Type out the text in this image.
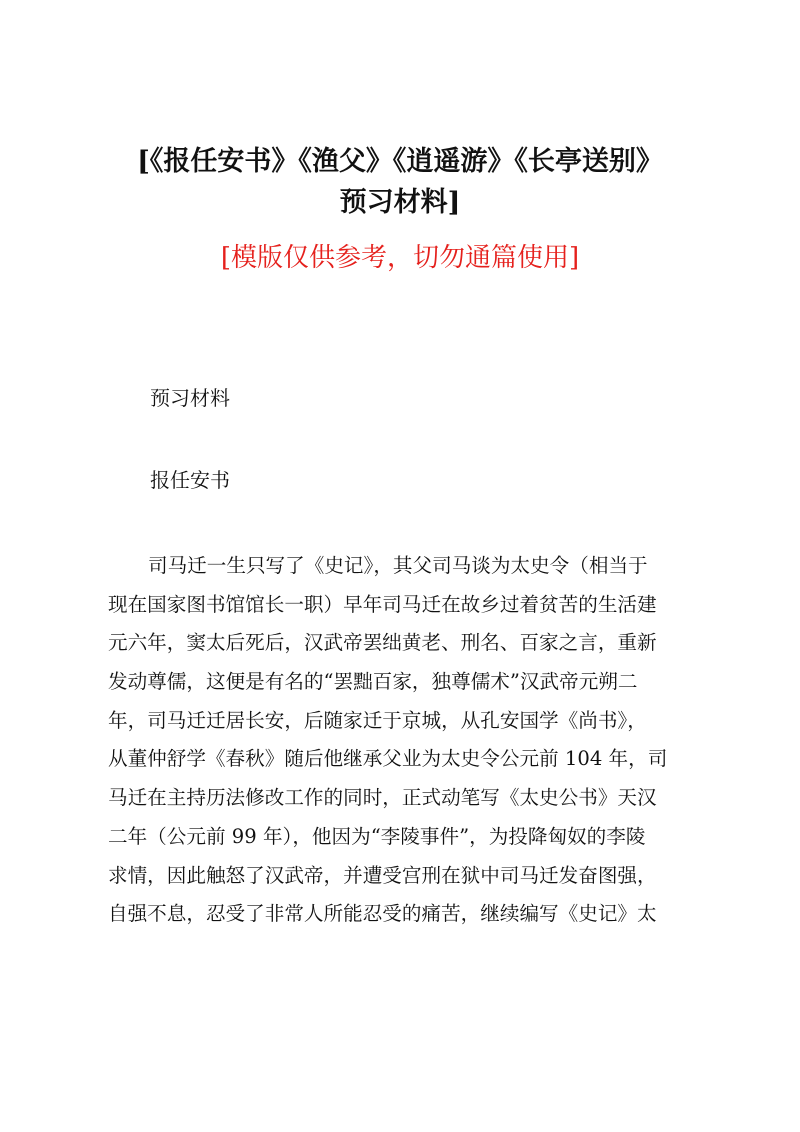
[《报任安书》《渔父》《逍遥游》《长亭送别》
预习材料]
[模版仅供参考，切勿通篇使用]
预习材料
报任安书
司马迁一生只写了《史记》，其父司马谈为太史令（相当于
现在国家图书馆馆长一职）早年司马迁在故乡过着贫苦的生活建
元六年，窦太后死后，汉武帝罢绌黄老、刑名、百家之言，重新
发动尊儒，这便是有名的“罢黜百家，独尊儒术”汉武帝元朔二
年，司马迁迁居长安，后随家迁于京城，从孔安国学《尚书》，
从董仲舒学《春秋》随后他继承父业为太史令公元前 104 年，司
马迁在主持历法修改工作的同时，正式动笔写《太史公书》天汉
二年（公元前 99 年），他因为“李陵事件”，为投降匈奴的李陵
求情，因此触怒了汉武帝，并遭受宫刑在狱中司马迁发奋图强，
自强不息，忍受了非常人所能忍受的痛苦，继续编写《史记》太
